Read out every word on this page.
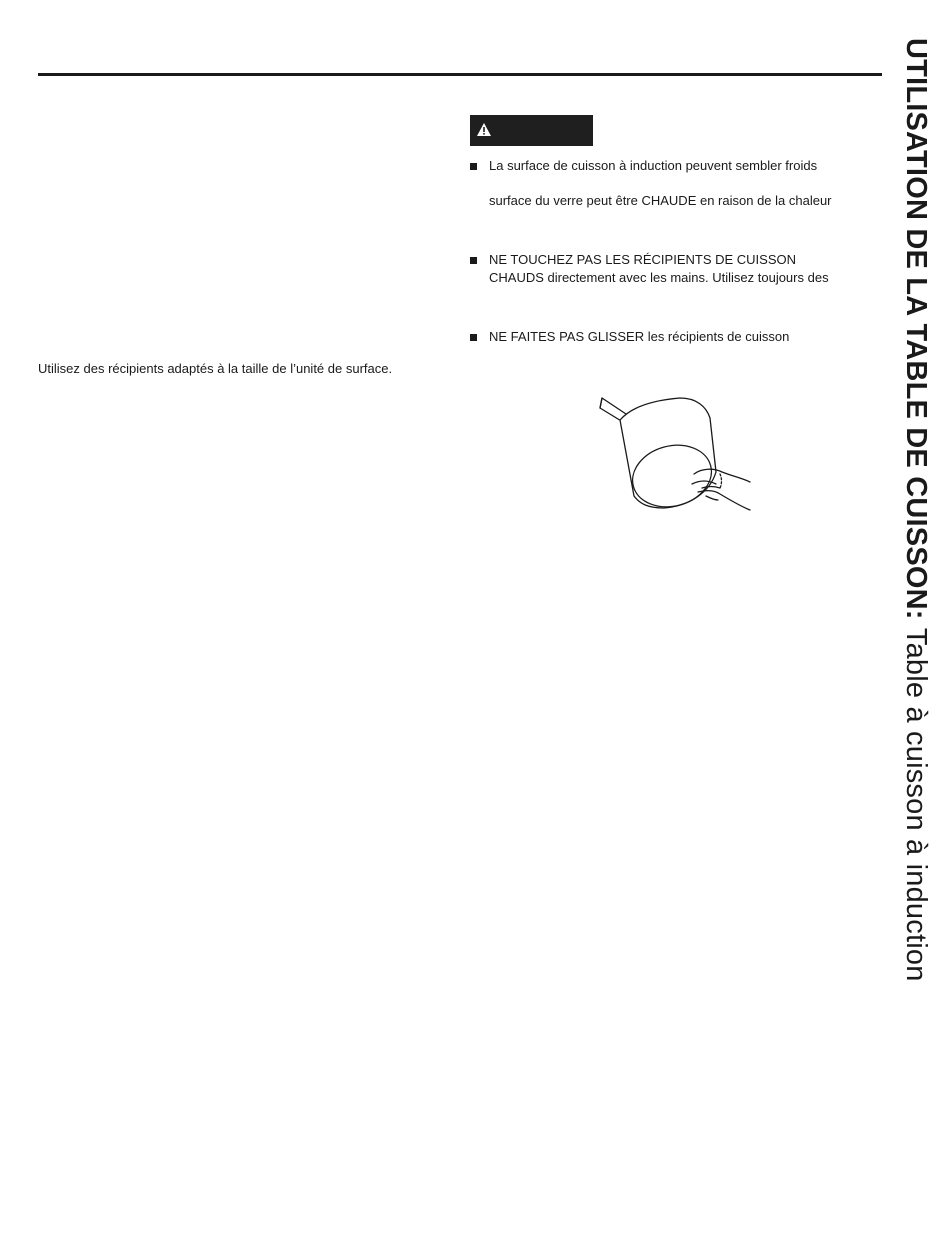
Utilisez des récipients adaptés à la taille de l’unité de surface.
La surface de cuisson à induction peuvent sembler froids
surface du verre peut être CHAUDE en raison de la chaleur
NE TOUCHEZ PAS LES RÉCIPIENTS DE CUISSON
CHAUDS directement avec les mains. Utilisez toujours des
NE FAITES PAS GLISSER les récipients de cuisson	UTILISATION DE LA TABLE DE CUISSON: Table à cuisson à induction
